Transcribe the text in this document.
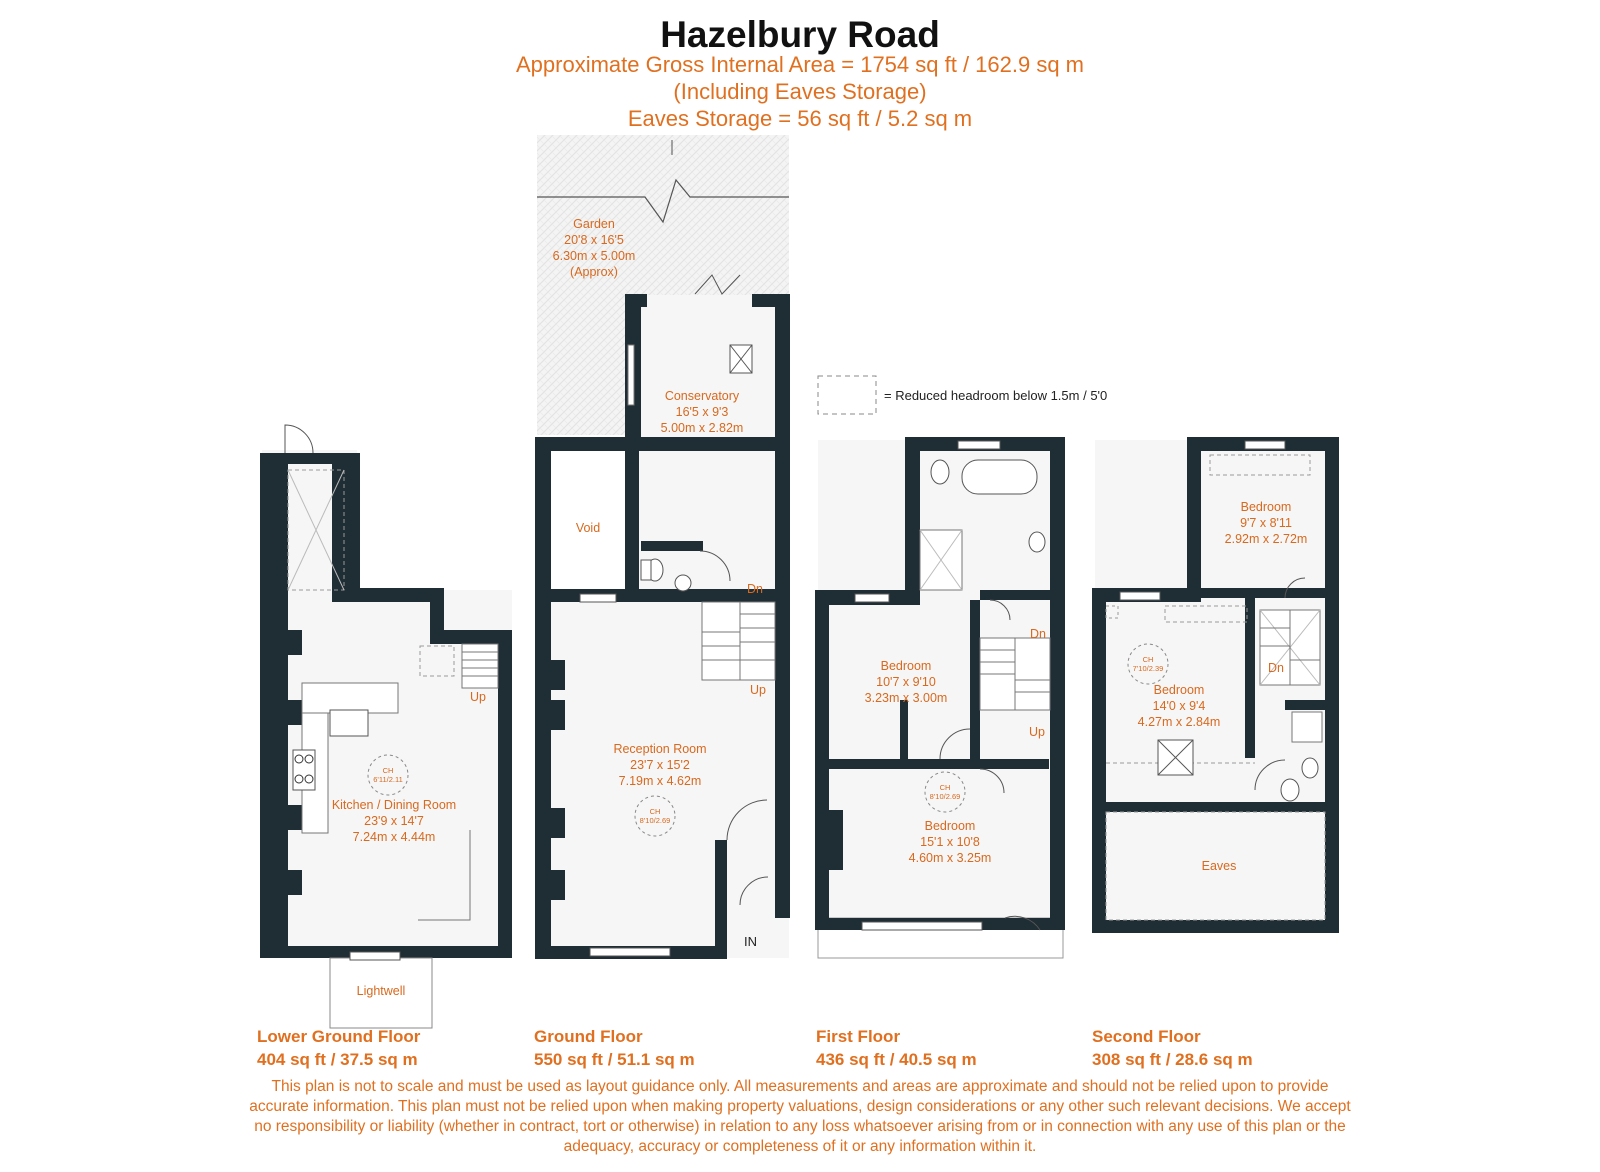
Hazelbury Road
Approximate Gross Internal Area = 1754 sq ft / 162.9 sq m
(Including Eaves Storage)
Eaves Storage = 56 sq ft / 5.2 sq m
= Reduced headroom below 1.5m / 5'0
Garden
20'8 x 16'5
6.30m x 5.00m
(Approx)
Conservatory
16'5 x 9'3
5.00m x 2.82m
Void
Reception Room
23'7 x 15'2
7.19m x 4.62m
Kitchen / Dining Room
23'9 x 14'7
7.24m x 4.44m
Lightwell
Bedroom
10'7 x 9'10
3.23m x 3.00m
Bedroom
15'1 x 10'8
4.60m x 3.25m
Bedroom
9'7 x 8'11
2.92m x 2.72m
Bedroom
14'0 x 9'4
4.27m x 2.84m
Eaves
CH
6'11/2.11
CH
8'10/2.69
CH
8'10/2.69
CH
7'10/2.39
Up
Dn
Up
Dn
Up
Dn
IN
Lower Ground Floor
404 sq ft / 37.5 sq m
Ground Floor
550 sq ft / 51.1 sq m
First Floor
436 sq ft / 40.5 sq m
Second Floor
308 sq ft / 28.6 sq m
This plan is not to scale and must be used as layout guidance only. All measurements and areas are approximate and should not be relied upon to provide accurate information. This plan must not be relied upon when making property valuations, design considerations or any other such relevant decisions. We accept no responsibility or liability (whether in contract, tort or otherwise) in relation to any loss whatsoever arising from or in connection with any use of this plan or the adequacy, accuracy or completeness of it or any information within it.
